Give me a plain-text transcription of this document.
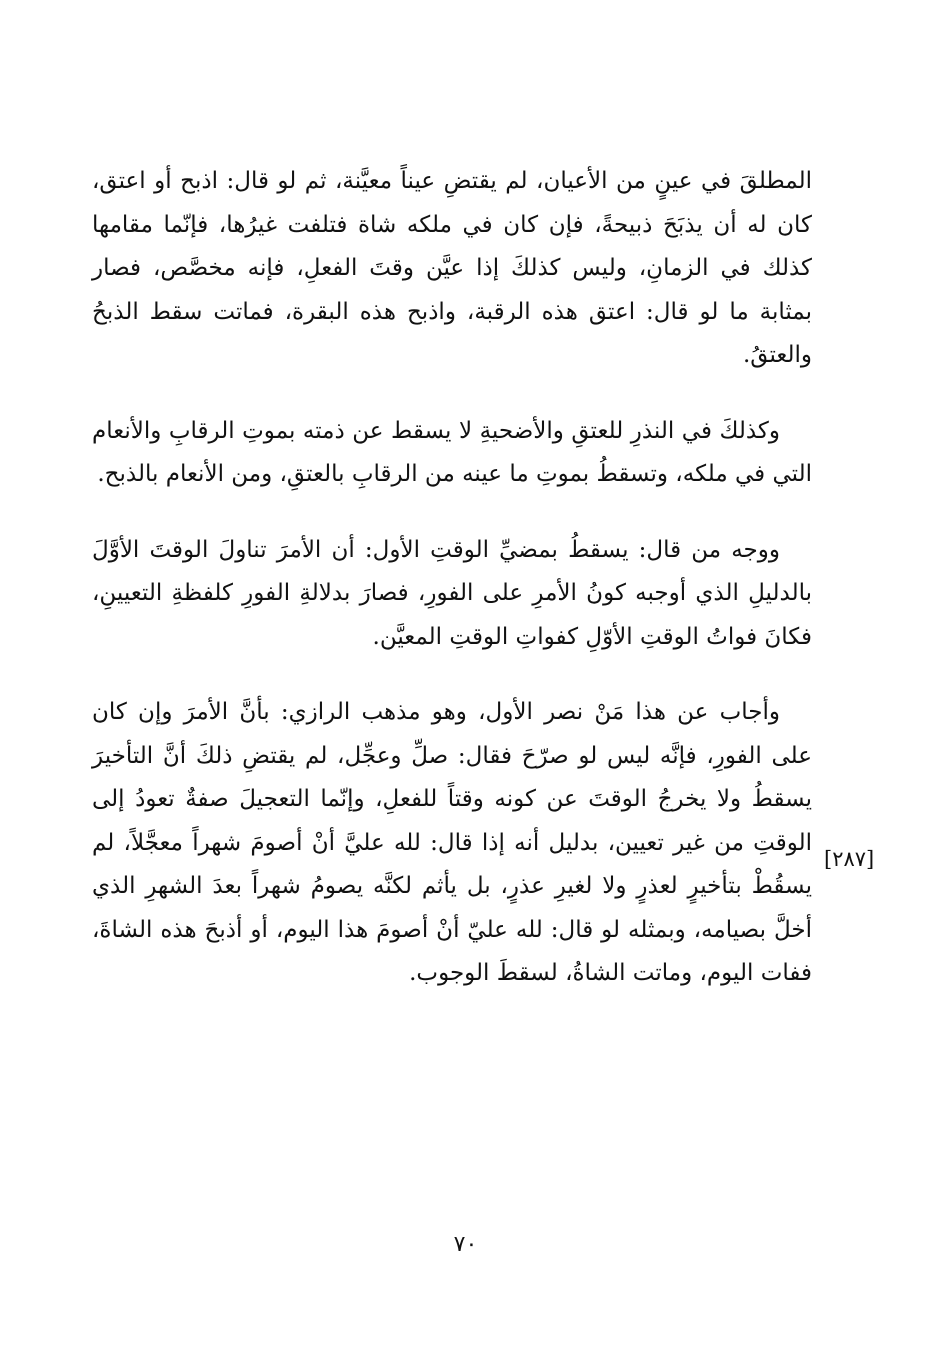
المطلقَ في عينٍ من الأعيان، لم يقتضِ عيناً معيَّنة، ثم لو قال: اذبح أو اعتق، كان له أن يذبَحَ ذبيحةً، فإن كان في ملكه شاة فتلفت غيرُها، فإنّما مقامها كذلك في الزمانِ، وليس كذلكَ إذا عيَّن وقتَ الفعلِ، فإنه مخصَّص، فصار بمثابة ما لو قال: اعتق هذه الرقبة، واذبح هذه البقرة، فماتت سقط الذبحُ والعتقُ.

وكذلكَ في النذرِ للعتقِ والأضحيةِ لا يسقط عن ذمته بموتِ الرقابِ والأنعام التي في ملكه، وتسقطُ بموتِ ما عينه من الرقابِ بالعتقِ، ومن الأنعام بالذبح.

ووجه من قال: يسقطُ بمضيِّ الوقتِ الأول: أن الأمرَ تناولَ الوقتَ الأوَّلَ بالدليلِ الذي أوجبه كونُ الأمرِ على الفورِ، فصارَ بدلالةِ الفورِ كلفظةِ التعيينِ، فكانَ فواتُ الوقتِ الأوّلِ كفواتِ الوقتِ المعيَّن.

وأجاب عن هذا مَنْ نصر الأول، وهو مذهب الرازي: بأنَّ الأمرَ وإن كان على الفورِ، فإنَّه ليس لو صرّحَ فقال: صلِّ وعجِّل، لم يقتضِ ذلكَ أنَّ التأخيرَ يسقطُ ولا يخرجُ الوقتَ عن كونه وقتاً للفعلِ، وإنّما التعجيلَ صفةٌ تعودُ إلى الوقتِ من غير تعيين، بدليل أنه إذا قال: لله عليَّ أنْ أصومَ شهراً معجَّلاً، لم يسقُطْ بتأخيرٍ لعذرٍ ولا لغيرِ عذرٍ، بل يأثم لكنَّه يصومُ شهراً بعدَ الشهرِ الذي أخلَّ بصيامه، وبمثله لو قال: لله عليّ أنْ أصومَ هذا اليوم، أو أذبحَ هذه الشاةَ، ففات اليوم، وماتت الشاةُ، لسقطَ الوجوب.

[٢٨٧]
٧٠
